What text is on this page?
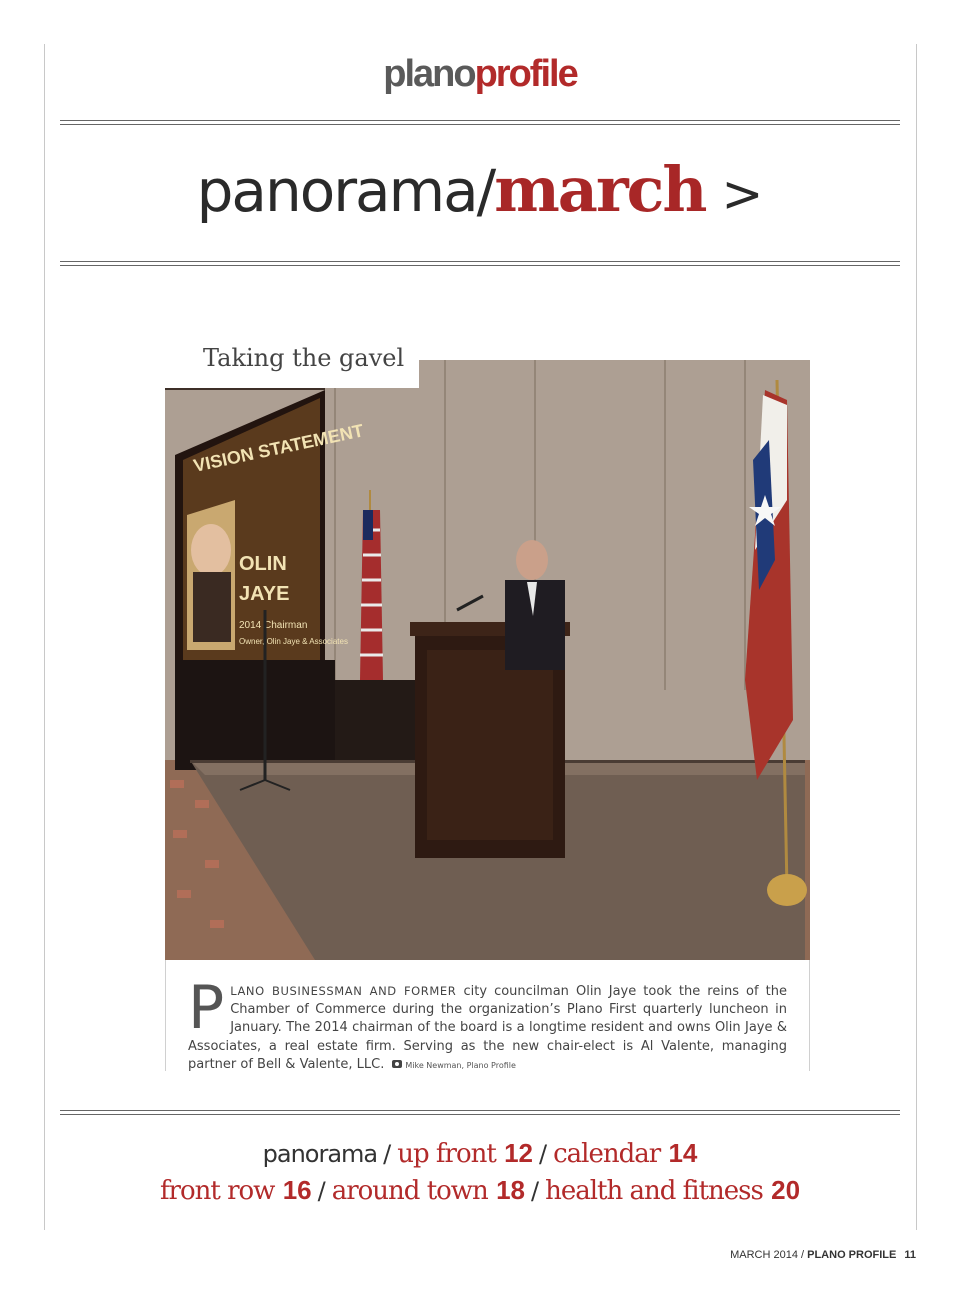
planoprofile
panorama/march >
Taking the gavel
VISION STATEMENT
OLIN
JAYE
2014 Chairman
Owner, Olin Jaye & Associates
PLANO BUSINESSMAN AND FORMER city councilman Olin Jaye took the reins of the Chamber of Commerce during the organization’s Plano First quarterly luncheon in January. The 2014 chairman of the board is a longtime resident and owns Olin Jaye & Associates, a real estate firm. Serving as the new chair-elect is Al Valente, managing partner of Bell & Valente, LLC.	Mike Newman, Plano Profile
panorama / up front 12 / calendar 14
front row 16 / around town 18 / health and fitness 20
MARCH 2014 / PLANO PROFILE 11
